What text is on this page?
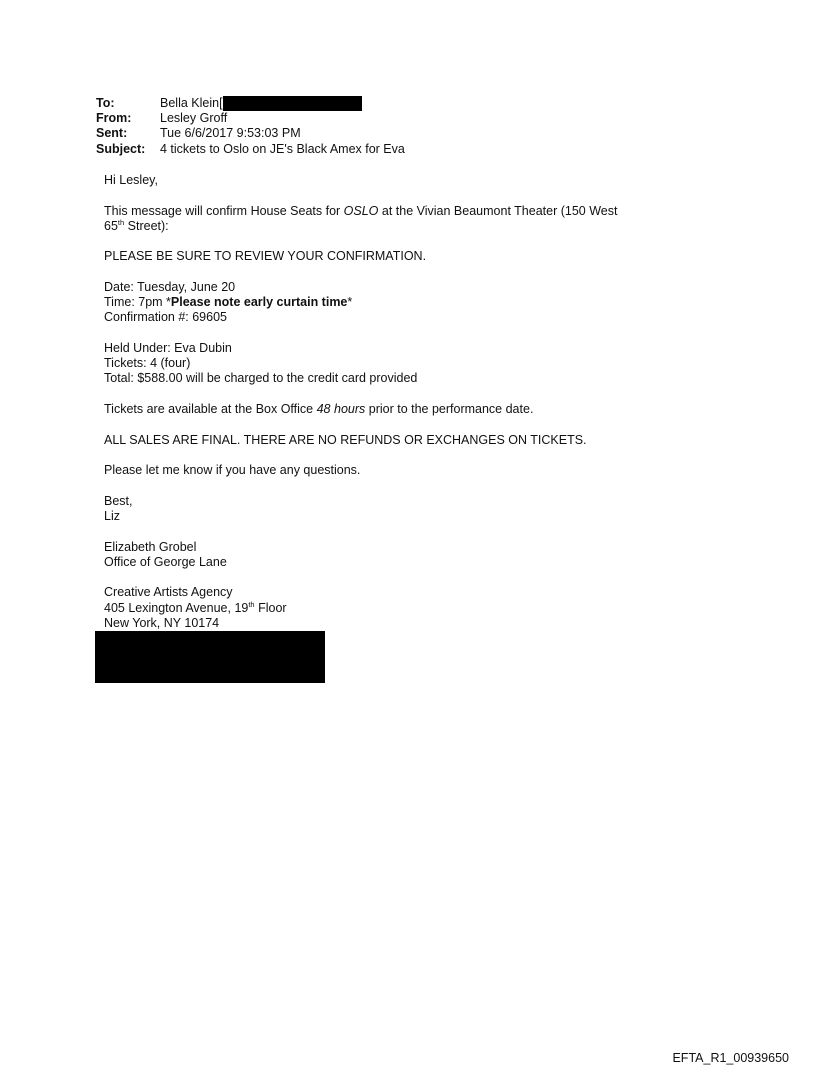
To:	Bella Klein[
From:	Lesley Groff
Sent:	Tue 6/6/2017 9:53:03 PM
Subject:	4 tickets to Oslo on JE's Black Amex for Eva

Hi Lesley,

This message will confirm House Seats for OSLO at the Vivian Beaumont Theater (150 West
65th Street):

PLEASE BE SURE TO REVIEW YOUR CONFIRMATION.

Date: Tuesday, June 20
Time: 7pm *Please note early curtain time*
Confirmation #: 69605

Held Under: Eva Dubin
Tickets: 4 (four)
Total: $588.00 will be charged to the credit card provided

Tickets are available at the Box Office 48 hours prior to the performance date.

ALL SALES ARE FINAL. THERE ARE NO REFUNDS OR EXCHANGES ON TICKETS.

Please let me know if you have any questions.

Best,
Liz

Elizabeth Grobel
Office of George Lane

Creative Artists Agency
405 Lexington Avenue, 19th Floor
New York, NY 10174

EFTA_R1_00939650
